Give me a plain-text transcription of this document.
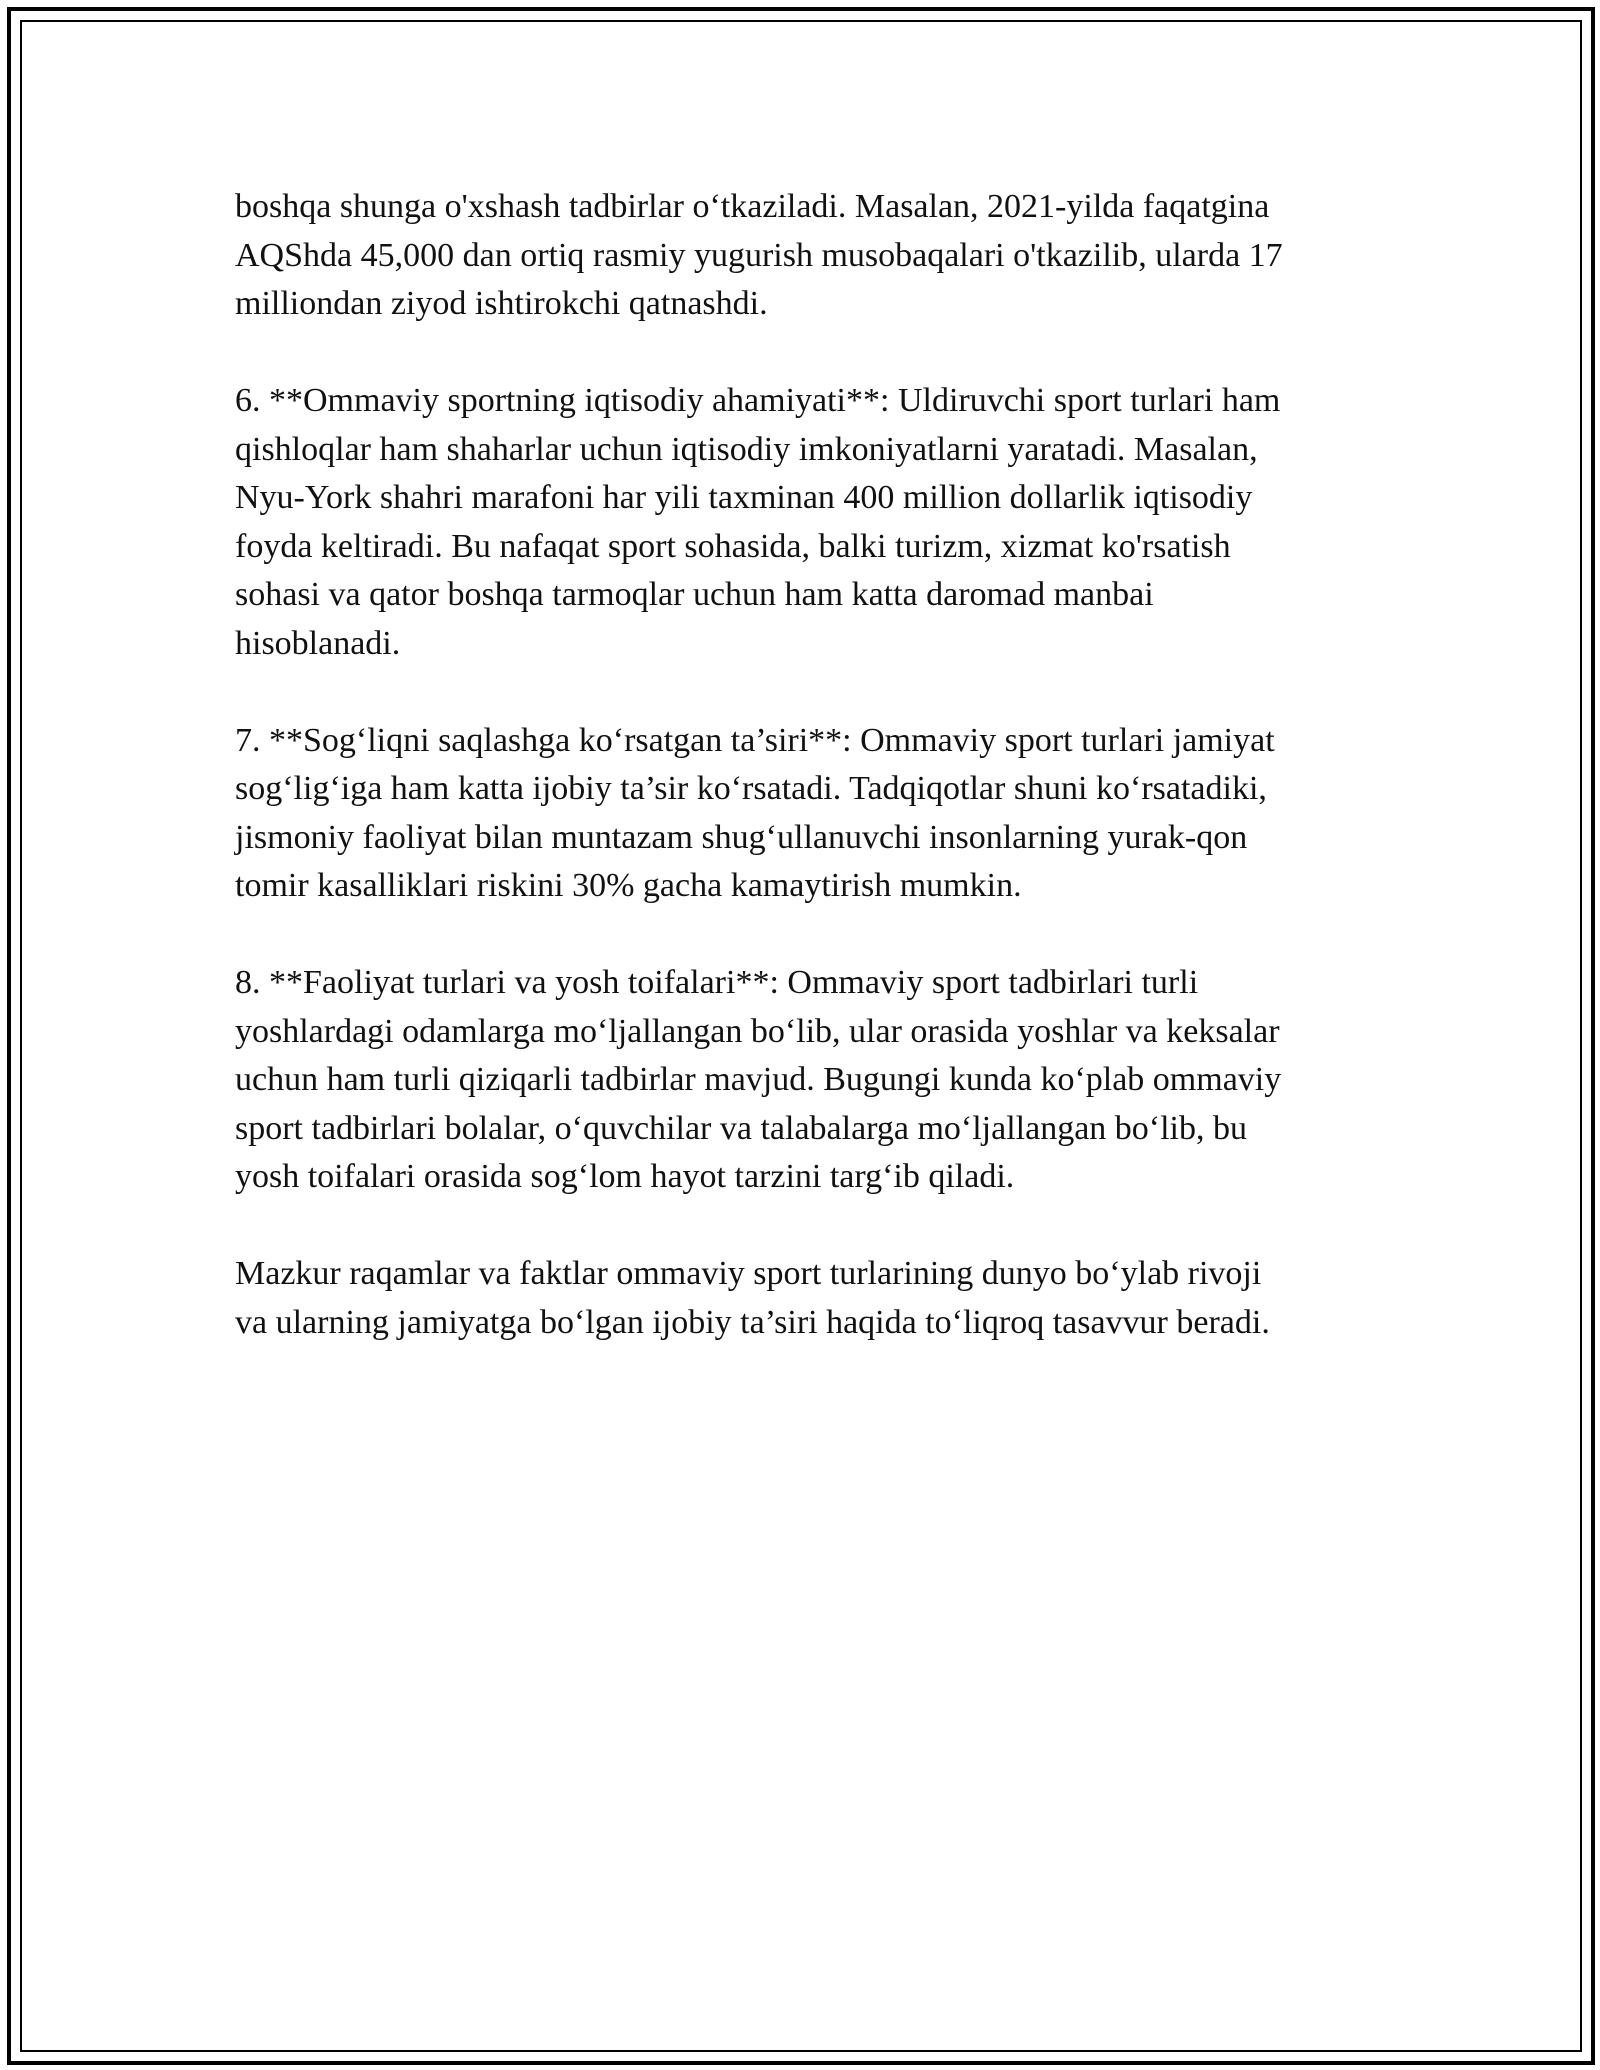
boshqa shunga o'xshash tadbirlar o‘tkaziladi. Masalan, 2021-yilda faqatgina
AQShda 45,000 dan ortiq rasmiy yugurish musobaqalari o'tkazilib, ularda 17
milliondan ziyod ishtirokchi qatnashdi.

6. **Ommaviy sportning iqtisodiy ahamiyati**: Uldiruvchi sport turlari ham
qishloqlar ham shaharlar uchun iqtisodiy imkoniyatlarni yaratadi. Masalan,
Nyu-York shahri marafoni har yili taxminan 400 million dollarlik iqtisodiy
foyda keltiradi. Bu nafaqat sport sohasida, balki turizm, xizmat ko'rsatish
sohasi va qator boshqa tarmoqlar uchun ham katta daromad manbai
hisoblanadi.

7. **Sog‘liqni saqlashga ko‘rsatgan ta’siri**: Ommaviy sport turlari jamiyat
sog‘lig‘iga ham katta ijobiy ta’sir ko‘rsatadi. Tadqiqotlar shuni ko‘rsatadiki,
jismoniy faoliyat bilan muntazam shug‘ullanuvchi insonlarning yurak-qon
tomir kasalliklari riskini 30% gacha kamaytirish mumkin.

8. **Faoliyat turlari va yosh toifalari**: Ommaviy sport tadbirlari turli
yoshlardagi odamlarga mo‘ljallangan bo‘lib, ular orasida yoshlar va keksalar
uchun ham turli qiziqarli tadbirlar mavjud. Bugungi kunda ko‘plab ommaviy
sport tadbirlari bolalar, o‘quvchilar va talabalarga mo‘ljallangan bo‘lib, bu
yosh toifalari orasida sog‘lom hayot tarzini targ‘ib qiladi.

Mazkur raqamlar va faktlar ommaviy sport turlarining dunyo bo‘ylab rivoji
va ularning jamiyatga bo‘lgan ijobiy ta’siri haqida to‘liqroq tasavvur beradi.
